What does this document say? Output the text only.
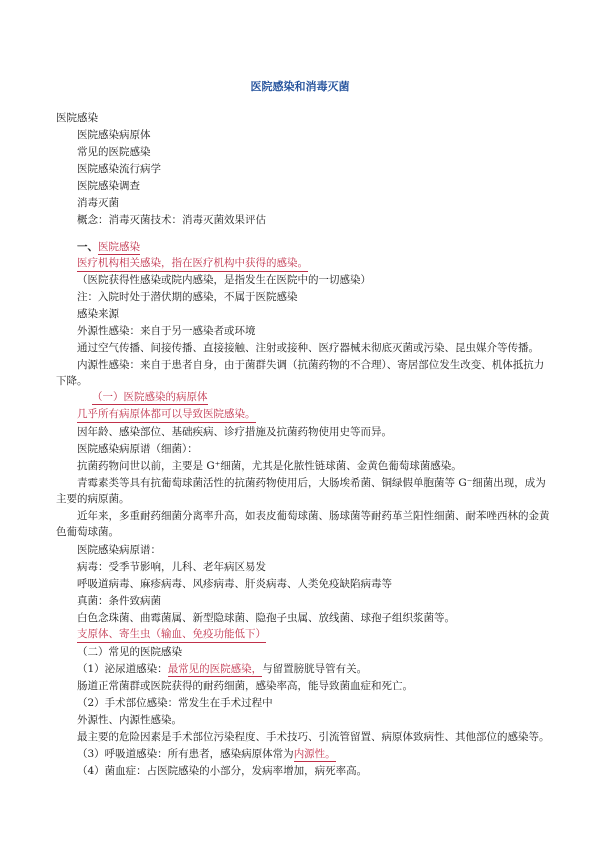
医院感染和消毒灭菌
医院感染
医院感染病原体
常见的医院感染
医院感染流行病学
医院感染调查
消毒灭菌
概念：消毒灭菌技术：消毒灭菌效果评估
一、医院感染
医疗机构相关感染，指在医疗机构中获得的感染。
（医院获得性感染或院内感染，是指发生在医院中的一切感染）
注：入院时处于潜伏期的感染，不属于医院感染
感染来源
外源性感染：来自于另一感染者或环境
通过空气传播、间接传播、直接接触、注射或接种、医疗器械未彻底灭菌或污染、昆虫媒介等传播。
内源性感染：来自于患者自身，由于菌群失调（抗菌药物的不合理）、寄居部位发生改变、机体抵抗力下降。
（一）医院感染的病原体
几乎所有病原体都可以导致医院感染。
因年龄、感染部位、基础疾病、诊疗措施及抗菌药物使用史等而异。
医院感染病原谱（细菌）：
抗菌药物问世以前，主要是 G⁺细菌，尤其是化脓性链球菌、金黄色葡萄球菌感染。
青霉素类等具有抗葡萄球菌活性的抗菌药物使用后，大肠埃希菌、铜绿假单胞菌等 G⁻细菌出现，成为主要的病原菌。
近年来，多重耐药细菌分离率升高，如表皮葡萄球菌、肠球菌等耐药革兰阳性细菌、耐苯唑西林的金黄色葡萄球菌。
医院感染病原谱：
病毒：受季节影响，儿科、老年病区易发
呼吸道病毒、麻疹病毒、风疹病毒、肝炎病毒、人类免疫缺陷病毒等
真菌：条件致病菌
白色念珠菌、曲霉菌属、新型隐球菌、隐孢子虫属、放线菌、球孢子组织浆菌等。
支原体、寄生虫（输血、免疫功能低下）
（二）常见的医院感染
（1）泌尿道感染：最常见的医院感染，与留置膀胱导管有关。
肠道正常菌群或医院获得的耐药细菌，感染率高，能导致菌血症和死亡。
（2）手术部位感染：常发生在手术过程中
外源性、内源性感染。
最主要的危险因素是手术部位污染程度、手术技巧、引流管留置、病原体致病性、其他部位的感染等。
（3）呼吸道感染：所有患者，感染病原体常为内源性。
（4）菌血症：占医院感染的小部分，发病率增加，病死率高。
